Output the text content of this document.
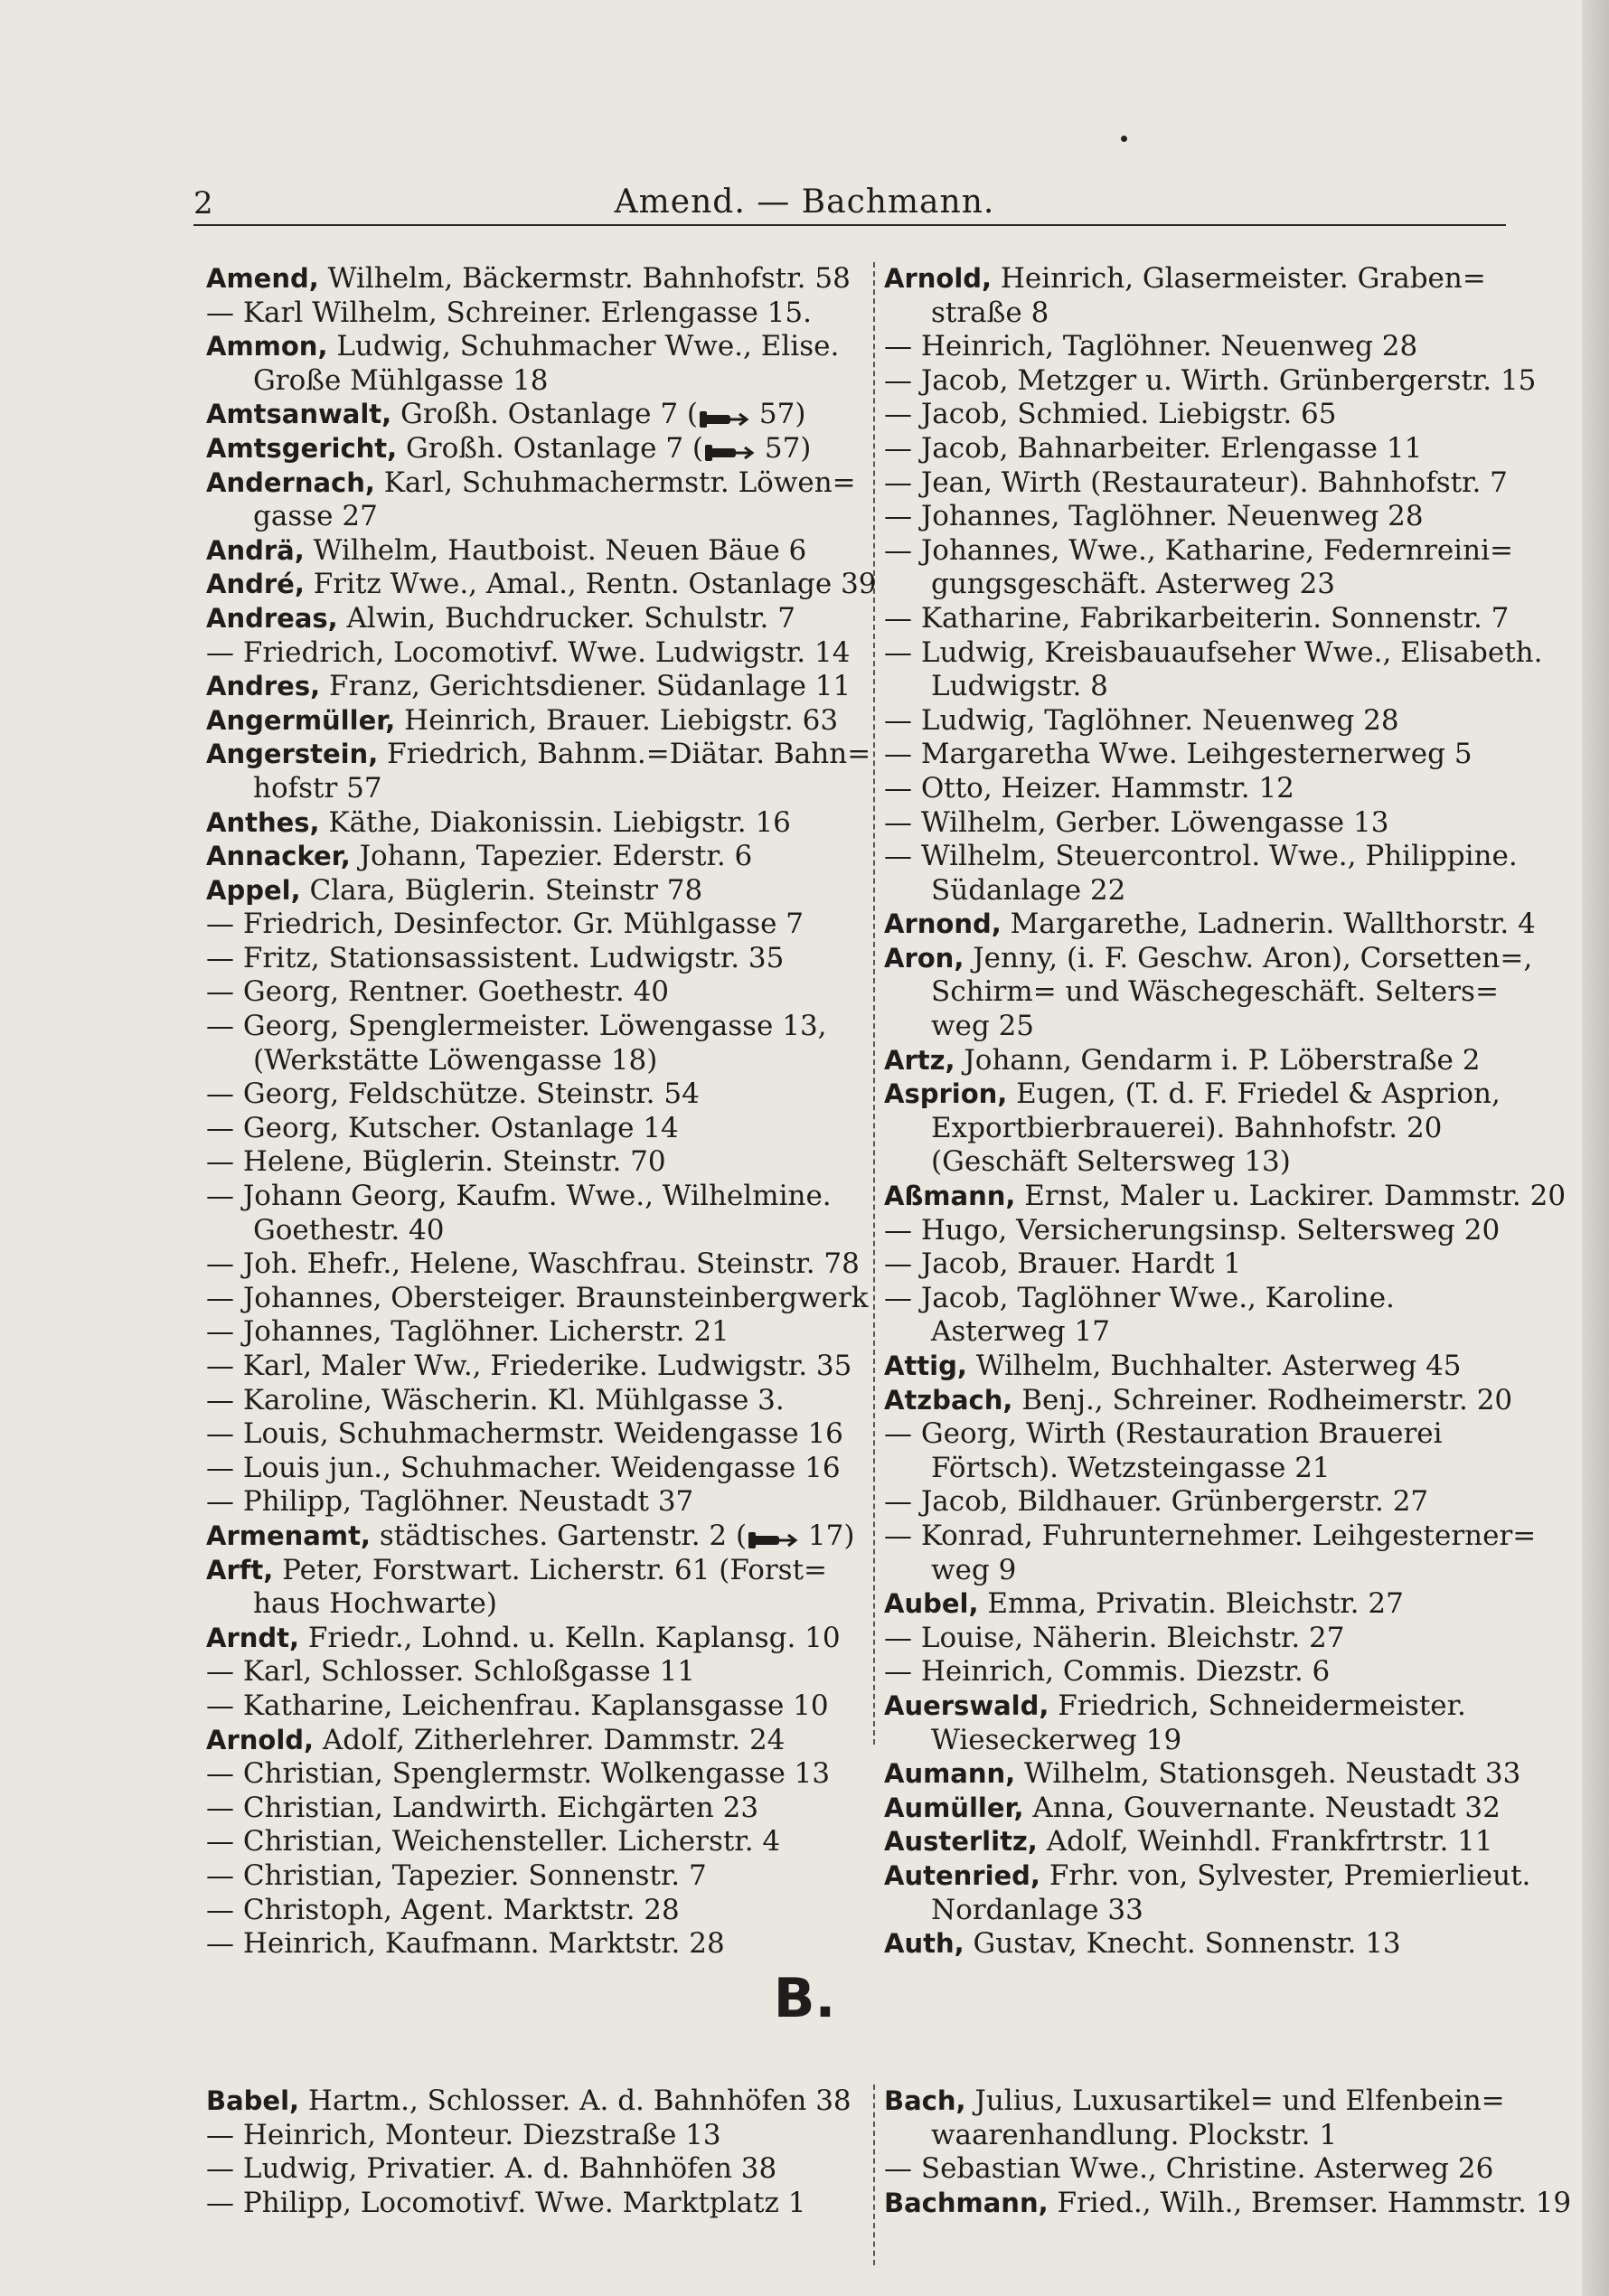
2	Amend. — Bachmann.
Amend, Wilhelm, Bäckermstr. Bahnhofstr. 58
— Karl Wilhelm, Schreiner. Erlengasse 15.
Ammon, Ludwig, Schuhmacher Wwe., Elise.
Große Mühlgasse 18
Amtsanwalt, Großh. Ostanlage 7 ( 57)
Amtsgericht, Großh. Ostanlage 7 ( 57)
Andernach, Karl, Schuhmachermstr. Löwen=
gasse 27
Andrä, Wilhelm, Hautboist. Neuen Bäue 6
André, Fritz Wwe., Amal., Rentn. Ostanlage 39
Andreas, Alwin, Buchdrucker. Schulstr. 7
— Friedrich, Locomotivf. Wwe. Ludwigstr. 14
Andres, Franz, Gerichtsdiener. Südanlage 11
Angermüller, Heinrich, Brauer. Liebigstr. 63
Angerstein, Friedrich, Bahnm.=Diätar. Bahn=
hofstr 57
Anthes, Käthe, Diakonissin. Liebigstr. 16
Annacker, Johann, Tapezier. Ederstr. 6
Appel, Clara, Büglerin. Steinstr 78
— Friedrich, Desinfector. Gr. Mühlgasse 7
— Fritz, Stationsassistent. Ludwigstr. 35
— Georg, Rentner. Goethestr. 40
— Georg, Spenglermeister. Löwengasse 13,
(Werkstätte Löwengasse 18)
— Georg, Feldschütze. Steinstr. 54
— Georg, Kutscher. Ostanlage 14
— Helene, Büglerin. Steinstr. 70
— Johann Georg, Kaufm. Wwe., Wilhelmine.
Goethestr. 40
— Joh. Ehefr., Helene, Waschfrau. Steinstr. 78
— Johannes, Obersteiger. Braunsteinbergwerk
— Johannes, Taglöhner. Licherstr. 21
— Karl, Maler Ww., Friederike. Ludwigstr. 35
— Karoline, Wäscherin. Kl. Mühlgasse 3.
— Louis, Schuhmachermstr. Weidengasse 16
— Louis jun., Schuhmacher. Weidengasse 16
— Philipp, Taglöhner. Neustadt 37
Armenamt, städtisches. Gartenstr. 2 ( 17)
Arft, Peter, Forstwart. Licherstr. 61 (Forst=
haus Hochwarte)
Arndt, Friedr., Lohnd. u. Kelln. Kaplansg. 10
— Karl, Schlosser. Schloßgasse 11
— Katharine, Leichenfrau. Kaplansgasse 10
Arnold, Adolf, Zitherlehrer. Dammstr. 24
— Christian, Spenglermstr. Wolkengasse 13
— Christian, Landwirth. Eichgärten 23
— Christian, Weichensteller. Licherstr. 4
— Christian, Tapezier. Sonnenstr. 7
— Christoph, Agent. Marktstr. 28
— Heinrich, Kaufmann. Marktstr. 28
Arnold, Heinrich, Glasermeister. Graben=
straße 8
— Heinrich, Taglöhner. Neuenweg 28
— Jacob, Metzger u. Wirth. Grünbergerstr. 15
— Jacob, Schmied. Liebigstr. 65
— Jacob, Bahnarbeiter. Erlengasse 11
— Jean, Wirth (Restaurateur). Bahnhofstr. 7
— Johannes, Taglöhner. Neuenweg 28
— Johannes, Wwe., Katharine, Federnreini=
gungsgeschäft. Asterweg 23
— Katharine, Fabrikarbeiterin. Sonnenstr. 7
— Ludwig, Kreisbauaufseher Wwe., Elisabeth.
Ludwigstr. 8
— Ludwig, Taglöhner. Neuenweg 28
— Margaretha Wwe. Leihgesternerweg 5
— Otto, Heizer. Hammstr. 12
— Wilhelm, Gerber. Löwengasse 13
— Wilhelm, Steuercontrol. Wwe., Philippine.
Südanlage 22
Arnond, Margarethe, Ladnerin. Wallthorstr. 4
Aron, Jenny, (i. F. Geschw. Aron), Corsetten=,
Schirm= und Wäschegeschäft. Selters=
weg 25
Artz, Johann, Gendarm i. P. Löberstraße 2
Asprion, Eugen, (T. d. F. Friedel & Asprion,
Exportbierbrauerei). Bahnhofstr. 20
(Geschäft Seltersweg 13)
Aßmann, Ernst, Maler u. Lackirer. Dammstr. 20
— Hugo, Versicherungsinsp. Seltersweg 20
— Jacob, Brauer. Hardt 1
— Jacob, Taglöhner Wwe., Karoline.
Asterweg 17
Attig, Wilhelm, Buchhalter. Asterweg 45
Atzbach, Benj., Schreiner. Rodheimerstr. 20
— Georg, Wirth (Restauration Brauerei
Förtsch). Wetzsteingasse 21
— Jacob, Bildhauer. Grünbergerstr. 27
— Konrad, Fuhrunternehmer. Leihgesterner=
weg 9
Aubel, Emma, Privatin. Bleichstr. 27
— Louise, Näherin. Bleichstr. 27
— Heinrich, Commis. Diezstr. 6
Auerswald, Friedrich, Schneidermeister.
Wieseckerweg 19
Aumann, Wilhelm, Stationsgeh. Neustadt 33
Aumüller, Anna, Gouvernante. Neustadt 32
Austerlitz, Adolf, Weinhdl. Frankfrtrstr. 11
Autenried, Frhr. von, Sylvester, Premierlieut.
Nordanlage 33
Auth, Gustav, Knecht. Sonnenstr. 13
B.
Babel, Hartm., Schlosser. A. d. Bahnhöfen 38
— Heinrich, Monteur. Diezstraße 13
— Ludwig, Privatier. A. d. Bahnhöfen 38
— Philipp, Locomotivf. Wwe. Marktplatz 1
Bach, Julius, Luxusartikel= und Elfenbein=
waarenhandlung. Plockstr. 1
— Sebastian Wwe., Christine. Asterweg 26
Bachmann, Fried., Wilh., Bremser. Hammstr. 19
